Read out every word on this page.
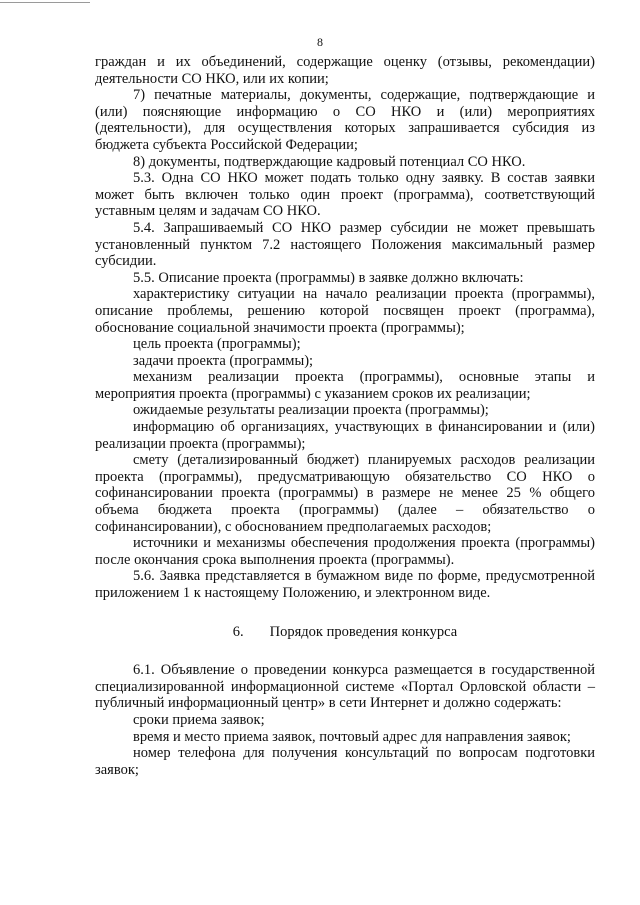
8

граждан и их объединений, содержащие оценку (отзывы, рекомендации) деятельности СО НКО, или их копии;

7) печатные материалы, документы, содержащие, подтверждающие и (или) поясняющие информацию о СО НКО и (или) мероприятиях (деятельности), для осуществления которых запрашивается субсидия из бюджета субъекта Российской Федерации;

8) документы, подтверждающие кадровый потенциал СО НКО.

5.3. Одна СО НКО может подать только одну заявку. В состав заявки может быть включен только один проект (программа), соответствующий уставным целям и задачам СО НКО.

5.4. Запрашиваемый СО НКО размер субсидии не может превышать установленный пунктом 7.2 настоящего Положения максимальный размер субсидии.

5.5. Описание проекта (программы) в заявке должно включать:

характеристику ситуации на начало реализации проекта (программы), описание проблемы, решению которой посвящен проект (программа), обоснование социальной значимости проекта (программы);

цель проекта (программы);

задачи проекта (программы);

механизм реализации проекта (программы), основные этапы и мероприятия проекта (программы) с указанием сроков их реализации;

ожидаемые результаты реализации проекта (программы);

информацию об организациях, участвующих в финансировании и (или) реализации проекта (программы);

смету (детализированный бюджет) планируемых расходов реализации проекта (программы), предусматривающую обязательство СО НКО о софинансировании проекта (программы) в размере не менее 25 % общего объема бюджета проекта (программы) (далее – обязательство о софинансировании), с обоснованием предполагаемых расходов;

источники и механизмы обеспечения продолжения проекта (программы) после окончания срока выполнения проекта (программы).

5.6. Заявка представляется в бумажном виде по форме, предусмотренной приложением 1 к настоящему Положению, и электронном виде.

6. Порядок проведения конкурса

6.1. Объявление о проведении конкурса размещается в государственной специализированной информационной системе «Портал Орловской области – публичный информационный центр» в сети Интернет и должно содержать:

сроки приема заявок;

время и место приема заявок, почтовый адрес для направления заявок;

номер телефона для получения консультаций по вопросам подготовки заявок;
